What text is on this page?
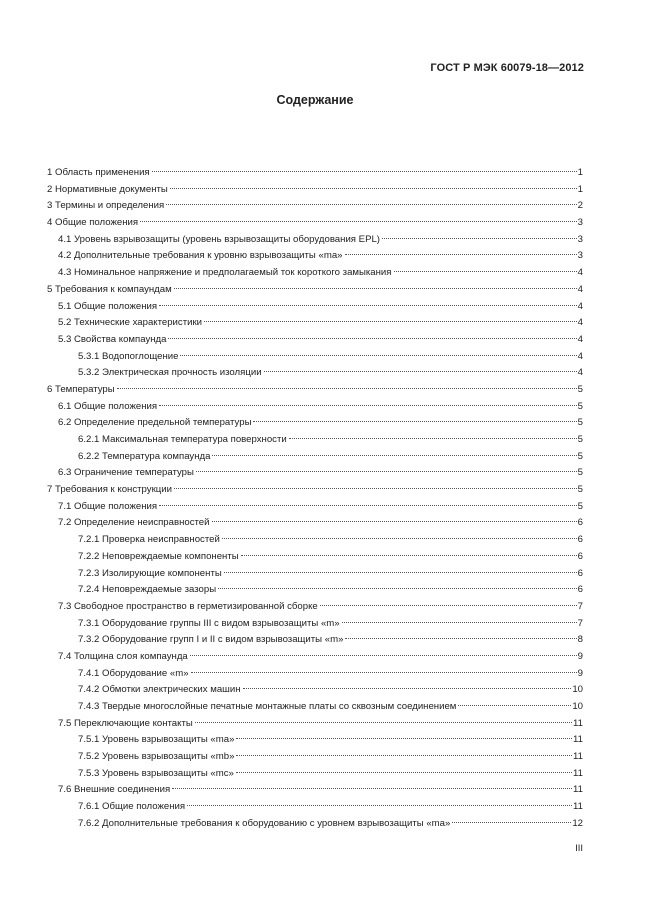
ГОСТ Р МЭК 60079-18—2012
Содержание
1 Область применения	1
2 Нормативные документы	1
3 Термины и определения	2
4 Общие положения	3
4.1 Уровень взрывозащиты (уровень взрывозащиты оборудования EPL)	3
4.2 Дополнительные требования к уровню взрывозащиты «ma»	3
4.3 Номинальное напряжение и предполагаемый ток короткого замыкания	4
5 Требования к компаундам	4
5.1 Общие положения	4
5.2 Технические характеристики	4
5.3 Свойства компаунда	4
5.3.1 Водопоглощение	4
5.3.2 Электрическая прочность изоляции	4
6 Температуры	5
6.1 Общие положения	5
6.2 Определение предельной температуры	5
6.2.1 Максимальная температура поверхности	5
6.2.2 Температура компаунда	5
6.3 Ограничение температуры	5
7 Требования к конструкции	5
7.1 Общие положения	5
7.2 Определение неисправностей	6
7.2.1 Проверка неисправностей	6
7.2.2 Неповреждаемые компоненты	6
7.2.3 Изолирующие компоненты	6
7.2.4 Неповреждаемые зазоры	6
7.3 Свободное пространство в герметизированной сборке	7
7.3.1 Оборудование группы III с видом взрывозащиты «m»	7
7.3.2 Оборудование групп I и II с видом взрывозащиты «m»	8
7.4 Толщина слоя компаунда	9
7.4.1 Оборудование «m»	9
7.4.2 Обмотки электрических машин	10
7.4.3 Твердые многослойные печатные монтажные платы со сквозным соединением	10
7.5 Переключающие контакты	11
7.5.1 Уровень взрывозащиты «ma»	11
7.5.2 Уровень взрывозащиты «mb»	11
7.5.3 Уровень взрывозащиты «mc»	11
7.6 Внешние соединения	11
7.6.1 Общие положения	11
7.6.2 Дополнительные требования к оборудованию с уровнем взрывозащиты «ma»	12
III
